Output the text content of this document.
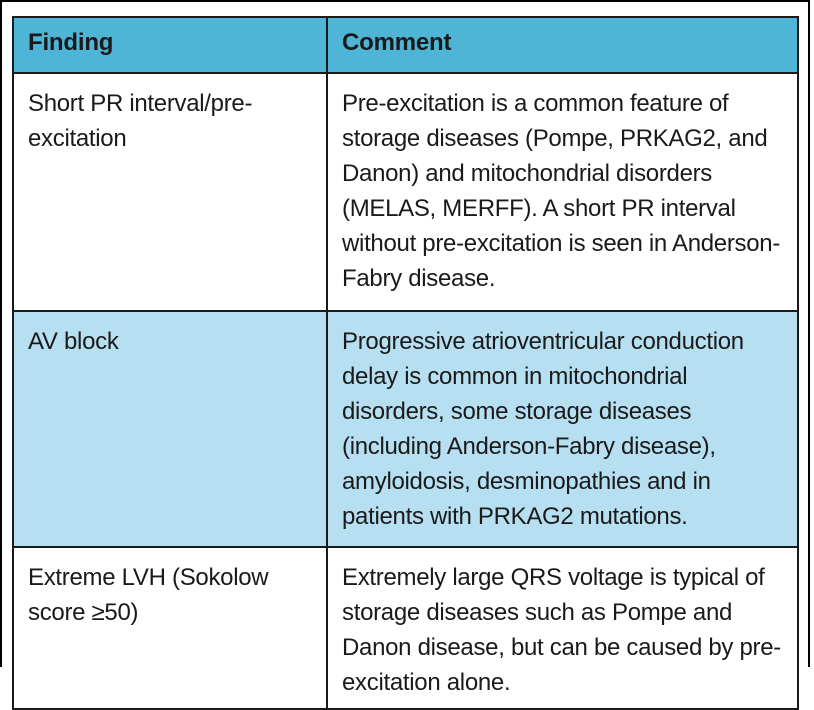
Finding	Comment
Short PR interval/pre-excitation	Pre-excitation is a common feature of storage diseases (Pompe, PRKAG2, and Danon) and mitochondrial disorders (MELAS, MERFF). A short PR interval without pre-excitation is seen in Anderson-Fabry disease.
AV block	Progressive atrioventricular conduction delay is common in mitochondrial disorders, some storage diseases (including Anderson-Fabry disease), amyloidosis, desminopathies and in patients with PRKAG2 mutations.
Extreme LVH (Sokolow score ≥50)	Extremely large QRS voltage is typical of storage diseases such as Pompe and Danon disease, but can be caused by pre-excitation alone.
